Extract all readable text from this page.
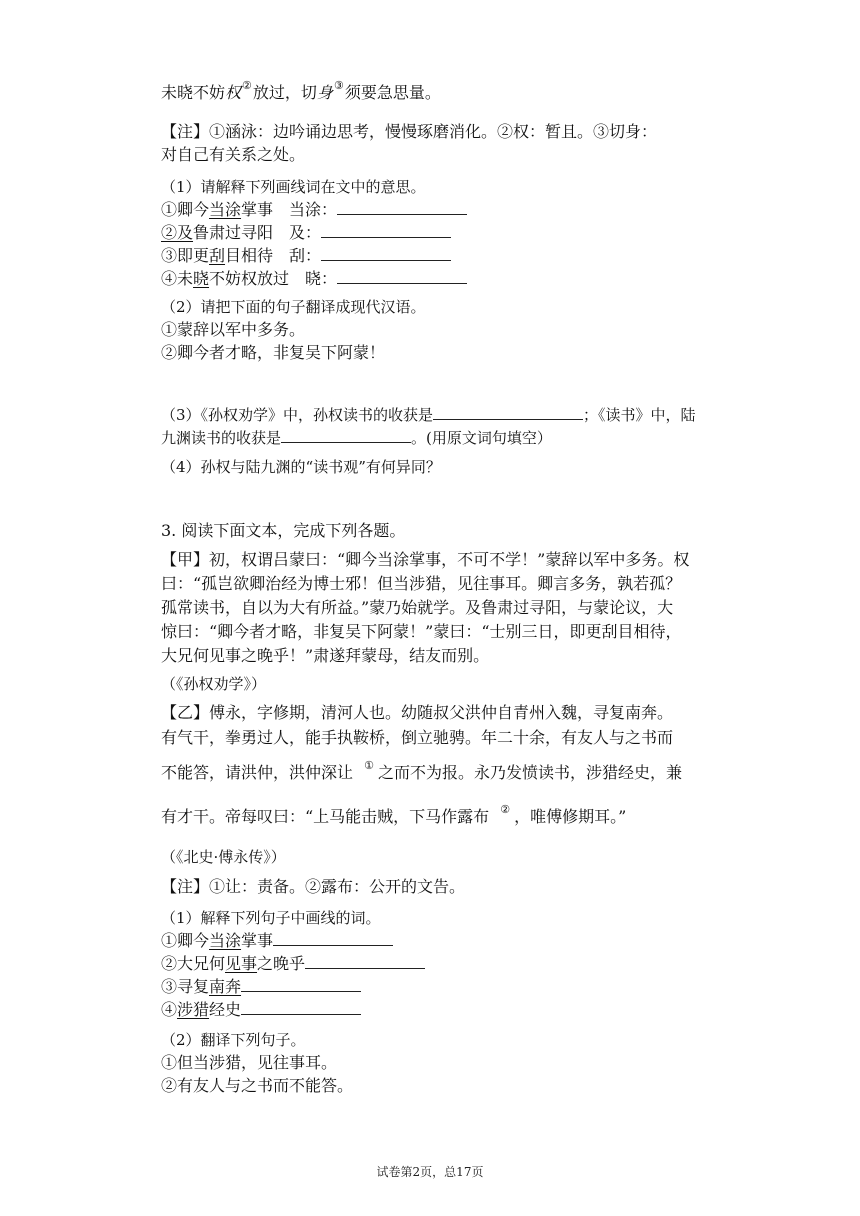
未晓不妨权②放过，切身③须要急思量。
【注】①涵泳：边吟诵边思考，慢慢琢磨消化。②权：暂且。③切身：
对自己有关系之处。
（1）请解释下列画线词在文中的意思。
①卿今当涂掌事　当涂：
②及鲁肃过寻阳　及：
③即更刮目相待　刮：
④未晓不妨权放过　晓：
（2）请把下面的句子翻译成现代汉语。
①蒙辞以军中多务。
②卿今者才略，非复吴下阿蒙！
（3）《孙权劝学》中，孙权读书的收获是	；《读书》中，陆
九渊读书的收获是	。(用原文词句填空）
（4）孙权与陆九渊的“读书观”有何异同？
3. 阅读下面文本，完成下列各题。
【甲】初，权谓吕蒙曰：“卿今当涂掌事，不可不学！”蒙辞以军中多务。权
曰：“孤岂欲卿治经为博士邪！但当涉猎，见往事耳。卿言多务，孰若孤？
孤常读书，自以为大有所益。”蒙乃始就学。及鲁肃过寻阳，与蒙论议，大
惊曰：“卿今者才略，非复吴下阿蒙！”蒙曰：“士别三日，即更刮目相待，
大兄何见事之晚乎！”肃遂拜蒙母，结友而别。
（《孙权劝学》）
【乙】傅永，字修期，清河人也。幼随叔父洪仲自青州入魏，寻复南奔。
有气干，拳勇过人，能手执鞍桥，倒立驰骋。年二十余，有友人与之书而
不能答，请洪仲，洪仲深让 ① 之而不为报。永乃发愤读书，涉猎经史，兼
有才干。帝每叹曰：“上马能击贼，下马作露布 ② ，唯傅修期耳。”
（《北史·傅永传》）
【注】①让：责备。②露布：公开的文告。
（1）解释下列句子中画线的词。
①卿今当涂掌事
②大兄何见事之晚乎
③寻复南奔
④涉猎经史
（2）翻译下列句子。
①但当涉猎，见往事耳。
②有友人与之书而不能答。
试卷第2页，总17页
